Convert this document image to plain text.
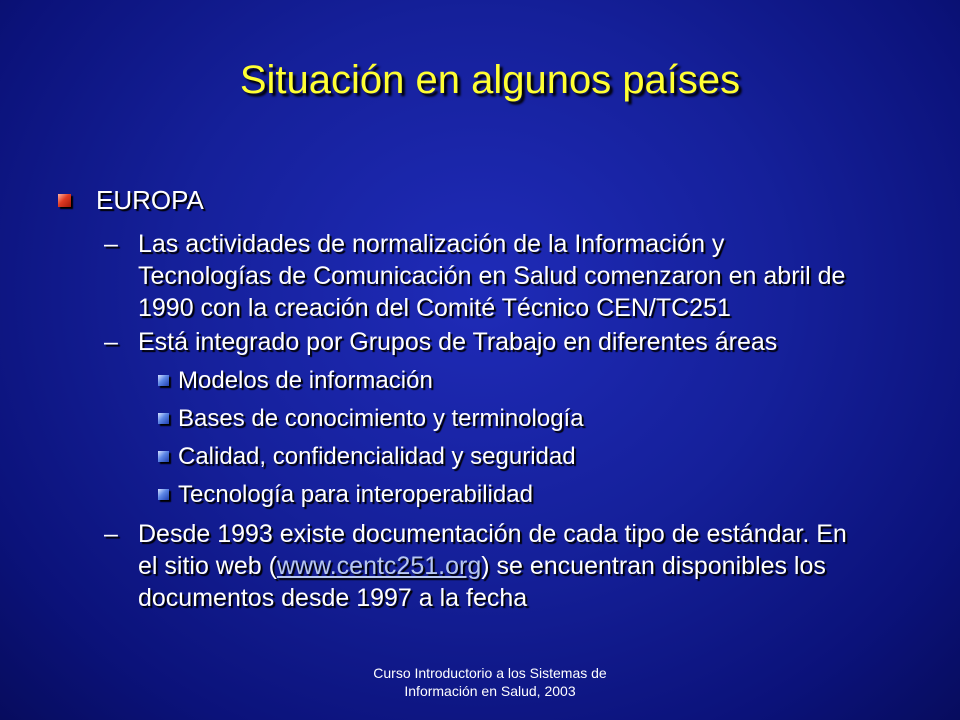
Situación en algunos países
EUROPA
– Las actividades de normalización de la Información y
Tecnologías de Comunicación en Salud comenzaron en abril de
1990 con la creación del Comité Técnico CEN/TC251
– Está integrado por Grupos de Trabajo en diferentes áreas
Modelos de información
Bases de conocimiento y terminología
Calidad, confidencialidad y seguridad
Tecnología para interoperabilidad
– Desde 1993 existe documentación de cada tipo de estándar. En
el sitio web (www.centc251.org) se encuentran disponibles los
documentos desde 1997 a la fecha
Curso Introductorio a los Sistemas de
Información en Salud, 2003
